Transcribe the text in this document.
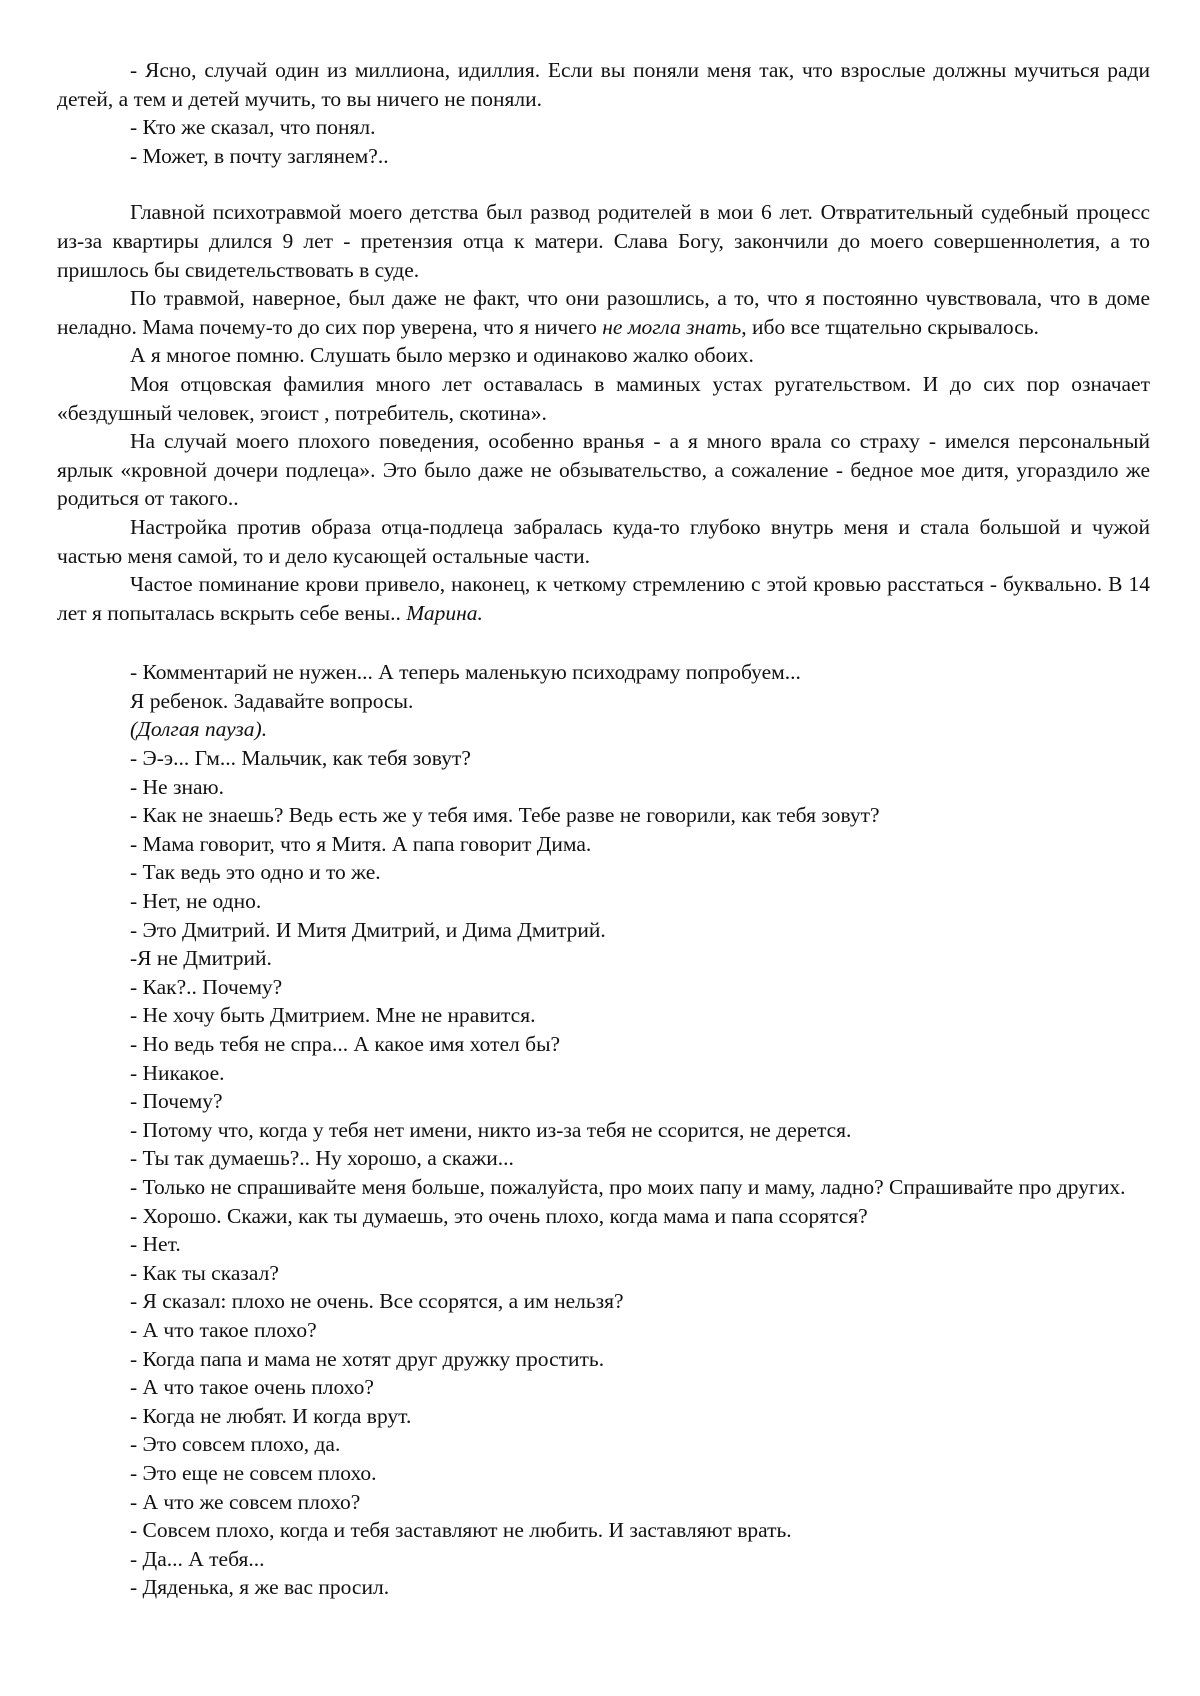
- Ясно, случай один из миллиона, идиллия. Если вы поняли меня так, что взрослые должны мучиться ради детей, а тем и детей мучить, то вы ничего не поняли.

- Кто же сказал, что понял.

- Может, в почту заглянем?..

Главной психотравмой моего детства был развод родителей в мои 6 лет. Отвратительный судебный процесс из-за квартиры длился 9 лет - претензия отца к матери. Слава Богу, закончили до моего совершеннолетия, а то пришлось бы свидетельствовать в суде.

По травмой, наверное, был даже не факт, что они разошлись, а то, что я постоянно чувствовала, что в доме неладно. Мама почему-то до сих пор уверена, что я ничего не могла знать, ибо все тщательно скрывалось.

А я многое помню. Слушать было мерзко и одинаково жалко обоих.

Моя отцовская фамилия много лет оставалась в маминых устах ругательством. И до сих пор означает «бездушный человек, эгоист , потребитель, скотина».

На случай моего плохого поведения, особенно вранья - а я много врала со страху - имелся персональный ярлык «кровной дочери подлеца». Это было даже не обзывательство, а сожаление - бедное мое дитя, угораздило же родиться от такого..

Настройка против образа отца-подлеца забралась куда-то глубоко внутрь меня и стала большой и чужой частью меня самой, то и дело кусающей остальные части.

Частое поминание крови привело, наконец, к четкому стремлению с этой кровью расстаться - буквально. В 14 лет я попыталась вскрыть себе вены.. Марина.

- Комментарий не нужен... А теперь маленькую психодраму попробуем...

Я ребенок. Задавайте вопросы.

(Долгая пауза).

- Э-э... Гм... Мальчик, как тебя зовут?

- Не знаю.

- Как не знаешь? Ведь есть же у тебя имя. Тебе разве не говорили, как тебя зовут?

- Мама говорит, что я Митя. А папа говорит Дима.

- Так ведь это одно и то же.

- Нет, не одно.

- Это Дмитрий. И Митя Дмитрий, и Дима Дмитрий.

-Я не Дмитрий.

- Как?.. Почему?

- Не хочу быть Дмитрием. Мне не нравится.

- Но ведь тебя не спра... А какое имя хотел бы?

- Никакое.

- Почему?

- Потому что, когда у тебя нет имени, никто из-за тебя не ссорится, не дерется.

- Ты так думаешь?.. Ну хорошо, а скажи...

- Только не спрашивайте меня больше, пожалуйста, про моих папу и маму, ладно? Спрашивайте про других.

- Хорошо. Скажи, как ты думаешь, это очень плохо, когда мама и папа ссорятся?

- Нет.

- Как ты сказал?

- Я сказал: плохо не очень. Все ссорятся, а им нельзя?

- А что такое плохо?

- Когда папа и мама не хотят друг дружку простить.

- А что такое очень плохо?

- Когда не любят. И когда врут.

- Это совсем плохо, да.

- Это еще не совсем плохо.

- А что же совсем плохо?

- Совсем плохо, когда и тебя заставляют не любить. И заставляют врать.

- Да... А тебя...

- Дяденька, я же вас просил.
